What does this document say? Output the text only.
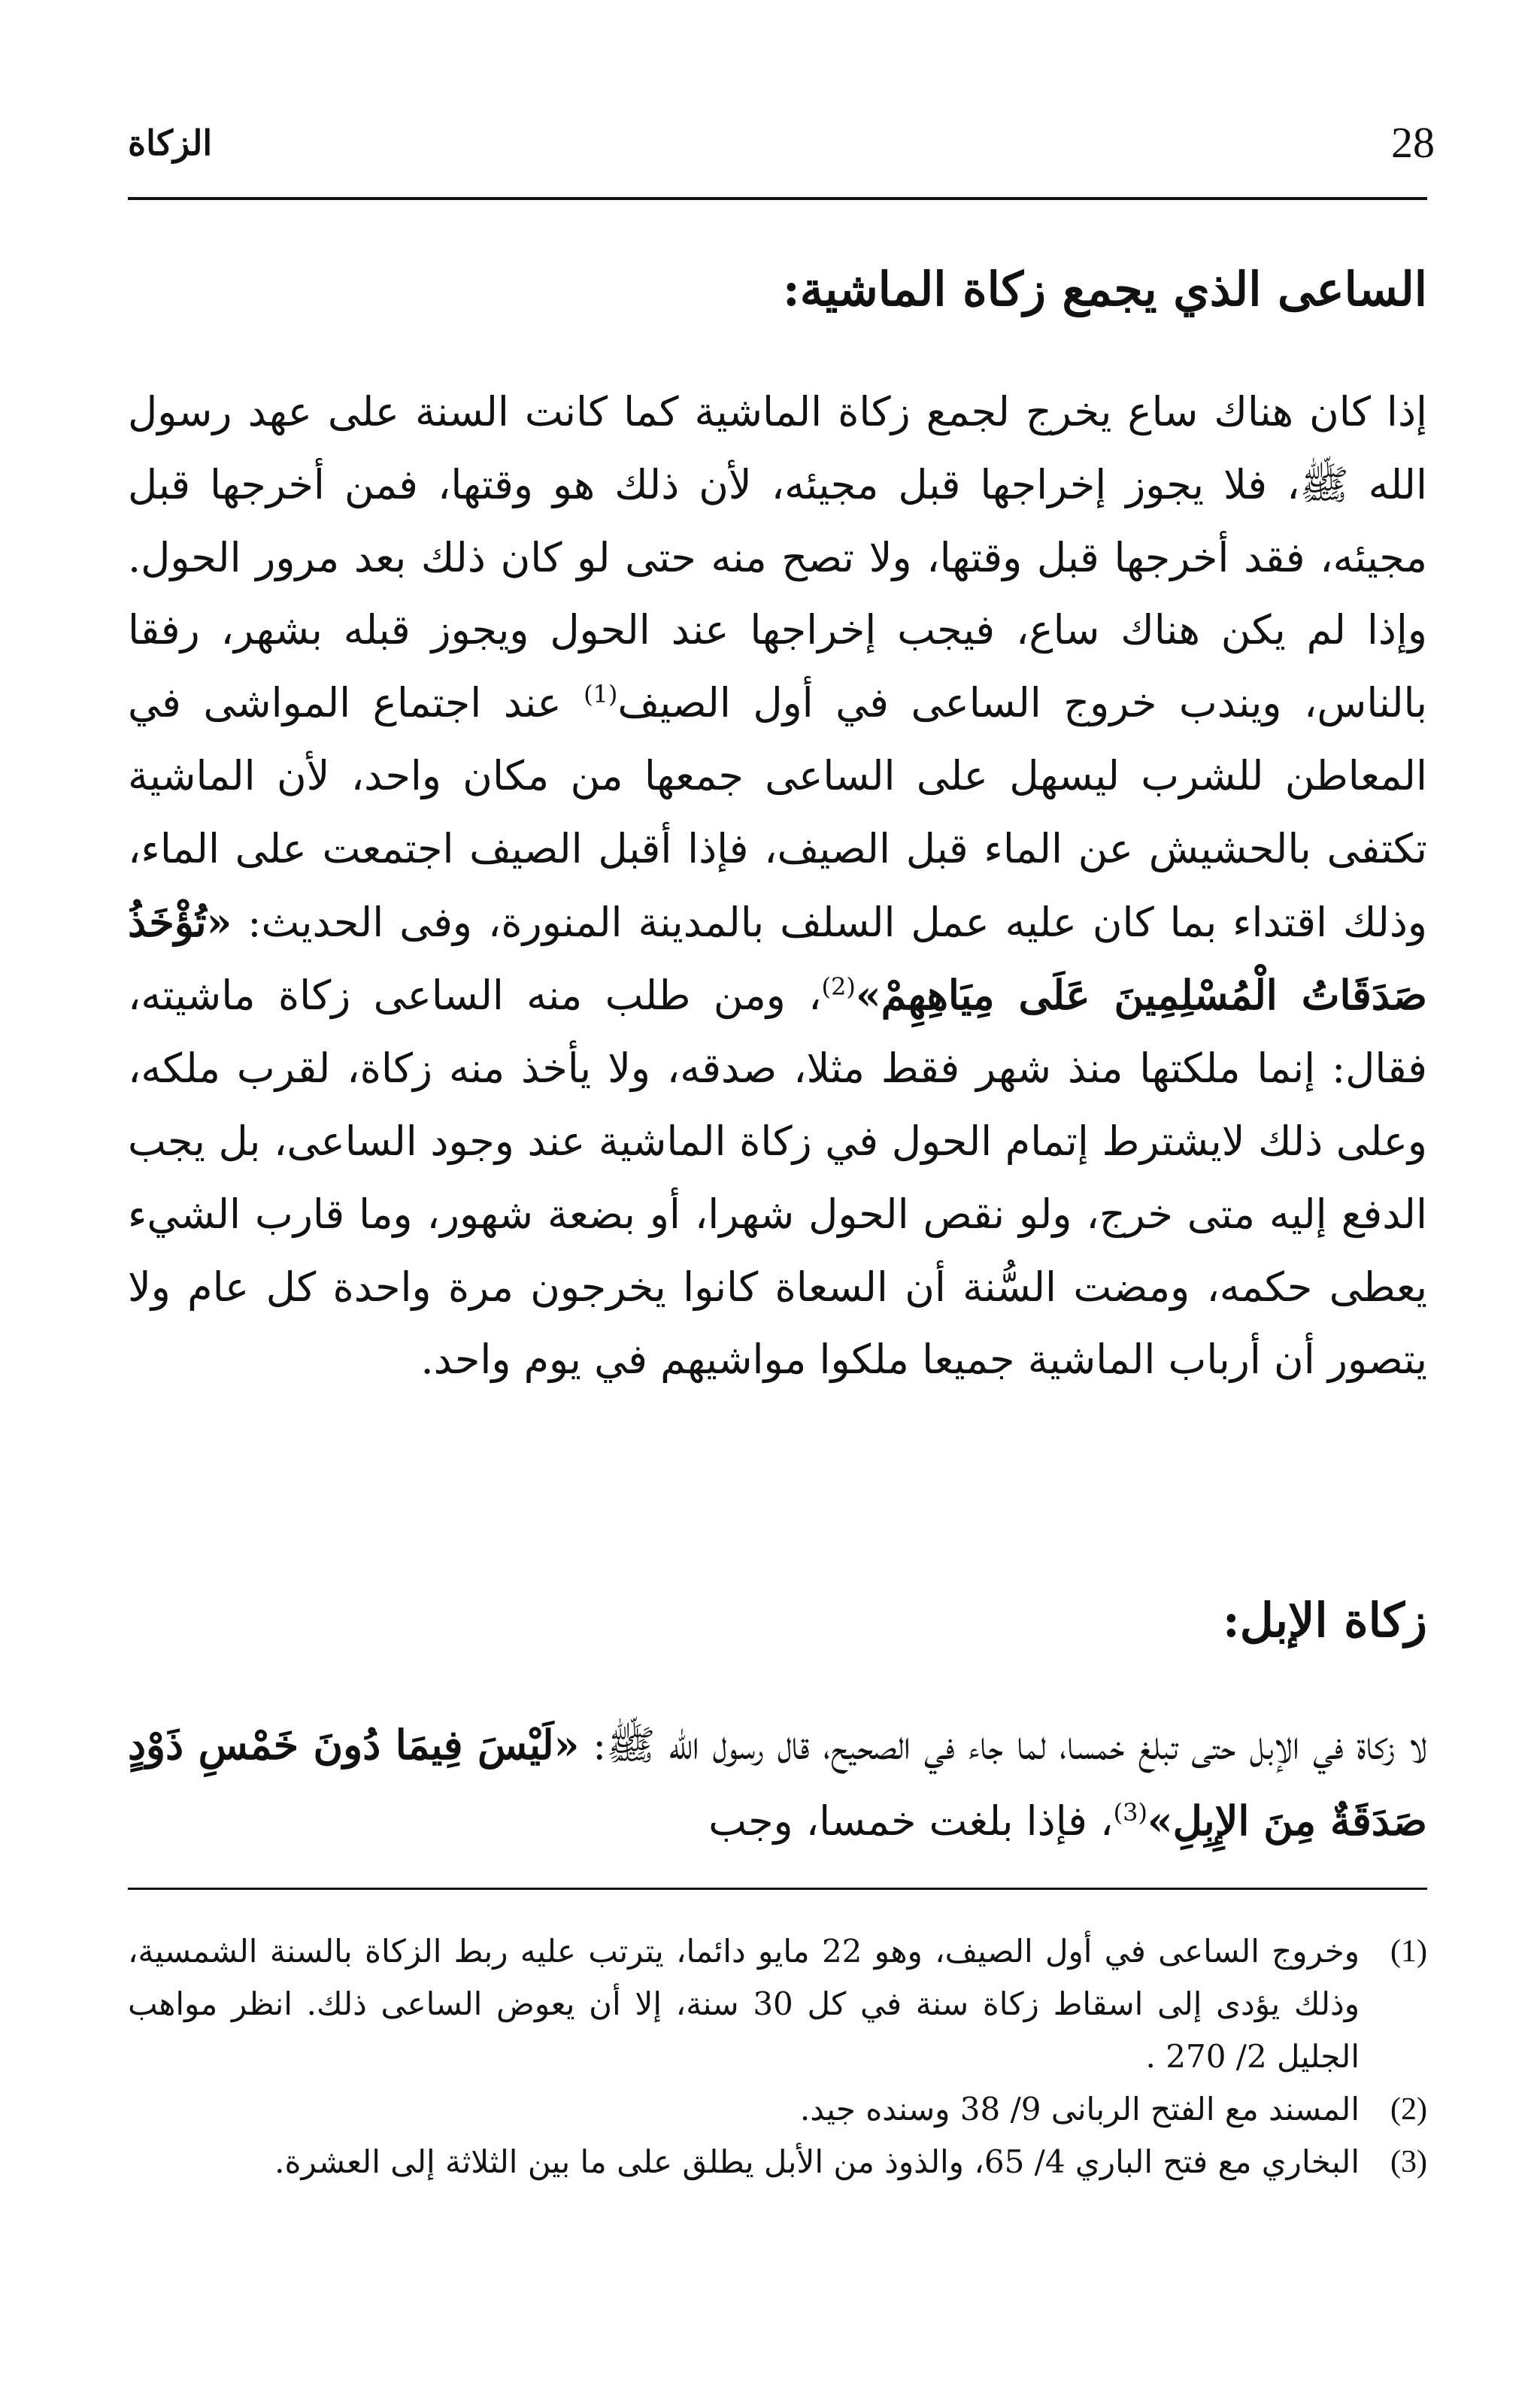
28
الزكاة
الساعى الذي يجمع زكاة الماشية:
إذا كان هناك ساع يخرج لجمع زكاة الماشية كما كانت السنة على عهد رسول الله ﷺ، فلا يجوز إخراجها قبل مجيئه، لأن ذلك هو وقتها، فمن أخرجها قبل مجيئه، فقد أخرجها قبل وقتها، ولا تصح منه حتى لو كان ذلك بعد مرور الحول. وإذا لم يكن هناك ساع، فيجب إخراجها عند الحول ويجوز قبله بشهر، رفقا بالناس، ويندب خروج الساعى في أول الصيف$^{(1)}$ عند اجتماع المواشى في المعاطن للشرب ليسهل على الساعى جمعها من مكان واحد، لأن الماشية تكتفى بالحشيش عن الماء قبل الصيف، فإذا أقبل الصيف اجتمعت على الماء، وذلك اقتداء بما كان عليه عمل السلف بالمدينة المنورة، وفى الحديث: «تُؤْخَذُ صَدَقَاتُ الْمُسْلِمِينَ عَلَى مِيَاهِهِمْ»$^{(2)}$، ومن طلب منه الساعى زكاة ماشيته، فقال: إنما ملكتها منذ شهر فقط مثلا، صدقه، ولا يأخذ منه زكاة، لقرب ملكه، وعلى ذلك لايشترط إتمام الحول في زكاة الماشية عند وجود الساعى، بل يجب الدفع إليه متى خرج، ولو نقص الحول شهرا، أو بضعة شهور، وما قارب الشيء يعطى حكمه، ومضت السُّنة أن السعاة كانوا يخرجون مرة واحدة كل عام ولا يتصور أن أرباب الماشية جميعا ملكوا مواشيهم في يوم واحد.
زكاة الإبل:
لا زكاة في الإبل حتى تبلغ خمسا، لما جاء في الصحيح، قال رسول الله ﷺ: «لَيْسَ فِيمَا دُونَ خَمْسِ ذَوْدٍ صَدَقَةٌ مِنَ الإِبِلِ»$^{(3)}$، فإذا بلغت خمسا، وجب
(1)
وخروج الساعى في أول الصيف، وهو 22 مايو دائما، يترتب عليه ربط الزكاة بالسنة الشمسية، وذلك يؤدى إلى اسقاط زكاة سنة في كل 30 سنة، إلا أن يعوض الساعى ذلك. انظر مواهب الجليل 2/ 270 .
(2)
المسند مع الفتح الربانى 9/ 38 وسنده جيد.
(3)
البخاري مع فتح الباري 4/ 65، والذوذ من الأبل يطلق على ما بين الثلاثة إلى العشرة.
